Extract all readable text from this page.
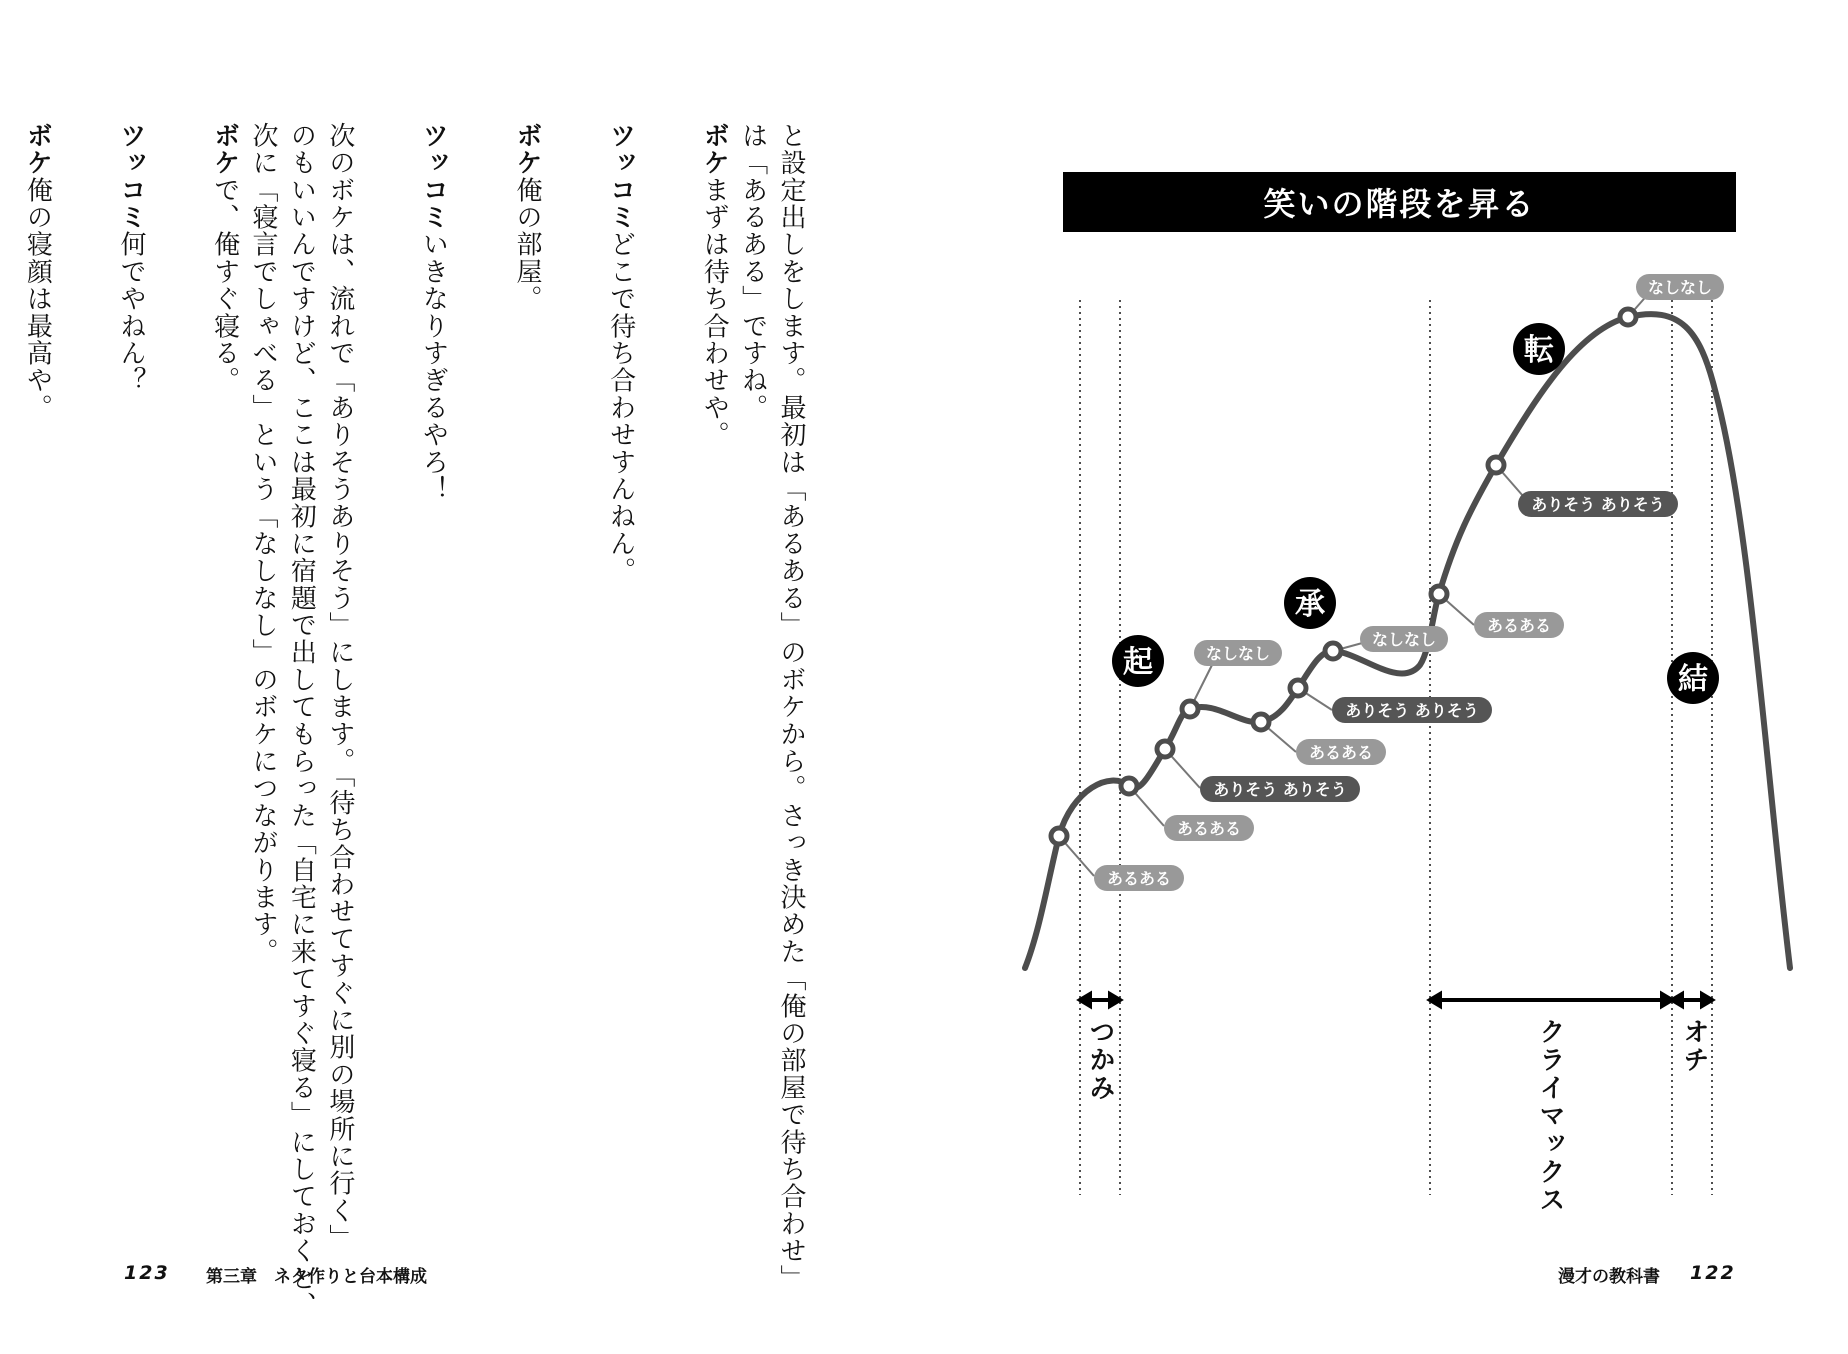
と設定出しをします。最初は「あるある」のボケから。さっき決めた「俺の部屋で待ち合わせ」
は「あるある」ですね。
ボケまずは待ち合わせや。
ツッコミどこで待ち合わせすんねん。
ボケ俺の部屋。
ツッコミいきなりすぎるやろ！
次のボケは、流れで「ありそうありそう」にします。「待ち合わせてすぐに別の場所に行く」
のもいいんですけど、ここは最初に宿題で出してもらった「自宅に来てすぐ寝る」にしておくと、
次に「寝言でしゃべる」という「なしなし」のボケにつながります。
ボケで、俺すぐ寝る。
ツッコミ何でやねん？
ボケ俺の寝顔は最高や。
123 第三章　ネタ作りと台本構成
笑いの階段を昇る
あるある
あるある
ありそう ありそう
なしなし
あるある
ありそう ありそう
なしなし
あるある
ありそう ありそう
なしなし
起
承
転
結
つかみ	クライマックス	オチ
漫才の教科書 122
